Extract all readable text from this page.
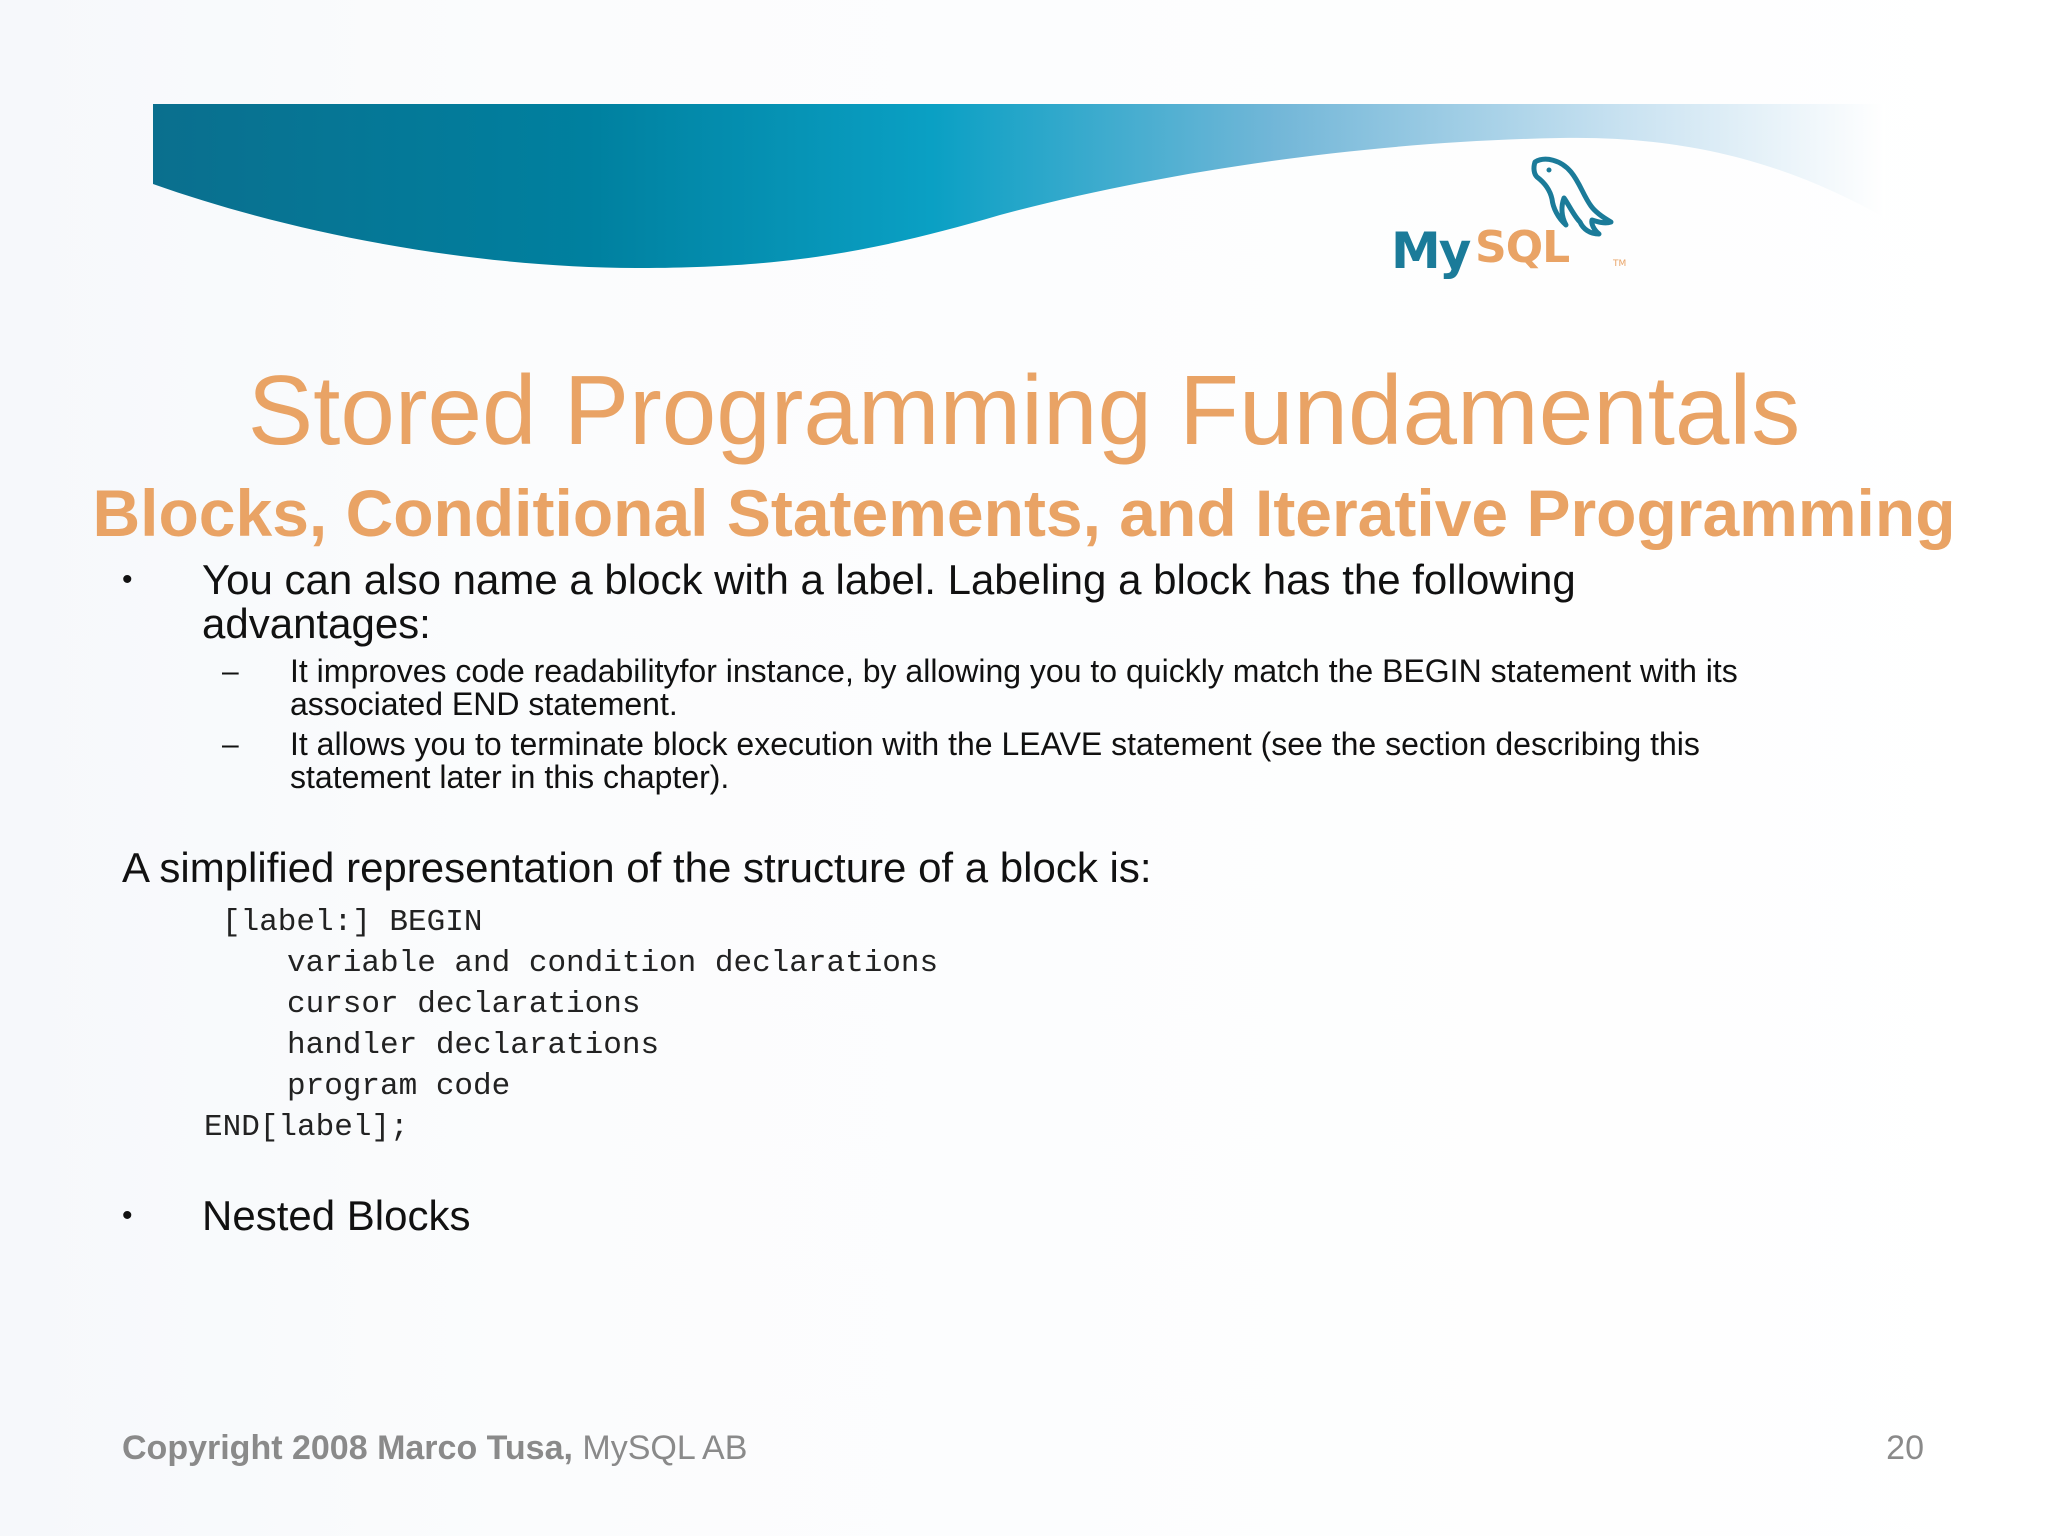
My SQL	TM
Stored Programming Fundamentals
Blocks, Conditional Statements, and Iterative Programming
•	You can also name a block with a label. Labeling a block has the following
advantages:
–	It improves code readabilityfor instance, by allowing you to quickly match the BEGIN statement with its
associated END statement.
–	It allows you to terminate block execution with the LEAVE statement (see the section describing this
statement later in this chapter).
A simplified representation of the structure of a block is:
[label:] BEGIN
variable and condition declarations
cursor declarations
handler declarations
program code
END[label];
•	Nested Blocks
Copyright 2008 Marco Tusa, MySQL AB	20
